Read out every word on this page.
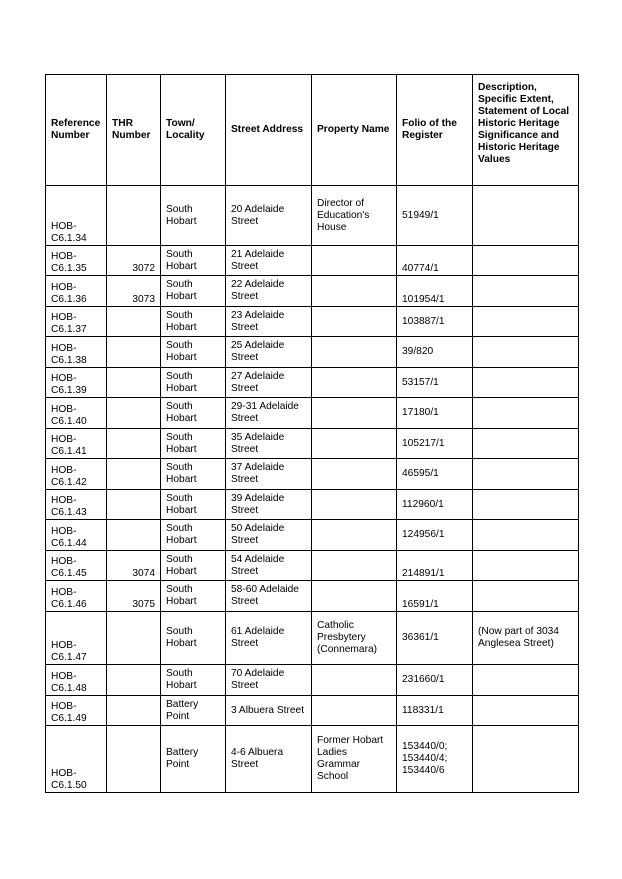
Reference Number	THR Number	Town/ Locality	Street Address	Property Name	Folio of the Register	Description, Specific Extent, Statement of Local Historic Heritage Significance and Historic Heritage Values
HOB-C6.1.34		South Hobart	20 Adelaide Street	Director of Education's House	51949/1	
HOB-C6.1.35	3072	South Hobart	21 Adelaide Street		40774/1	
HOB-C6.1.36	3073	South Hobart	22 Adelaide Street		101954/1	
HOB-C6.1.37		South Hobart	23 Adelaide Street		103887/1	
HOB-C6.1.38		South Hobart	25 Adelaide Street		39/820	
HOB-C6.1.39		South Hobart	27 Adelaide Street		53157/1	
HOB-C6.1.40		South Hobart	29-31 Adelaide Street		17180/1	
HOB-C6.1.41		South Hobart	35 Adelaide Street		105217/1	
HOB-C6.1.42		South Hobart	37 Adelaide Street		46595/1	
HOB-C6.1.43		South Hobart	39 Adelaide Street		112960/1	
HOB-C6.1.44		South Hobart	50 Adelaide Street		124956/1	
HOB-C6.1.45	3074	South Hobart	54 Adelaide Street		214891/1	
HOB-C6.1.46	3075	South Hobart	58-60 Adelaide Street		16591/1	
HOB-C6.1.47		South Hobart	61 Adelaide Street	Catholic Presbytery (Connemara)	36361/1	(Now part of 3034 Anglesea Street)
HOB-C6.1.48		South Hobart	70 Adelaide Street		231660/1	
HOB-C6.1.49		Battery Point	3 Albuera Street		118331/1	
HOB-C6.1.50		Battery Point	4-6 Albuera Street	Former Hobart Ladies Grammar School	153440/0; 153440/4; 153440/6	
